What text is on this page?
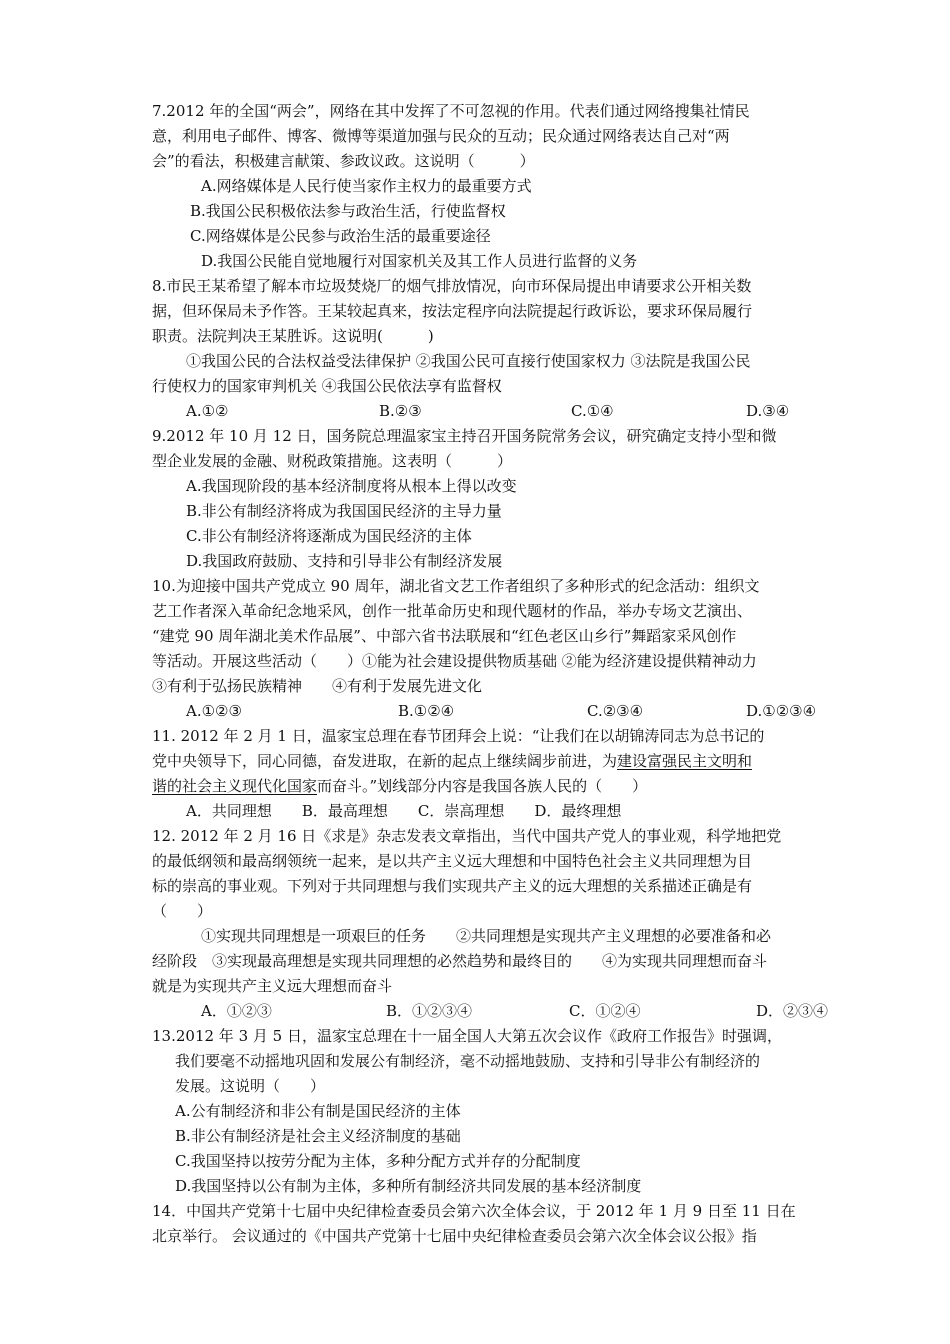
7.2012 年的全国“两会”，网络在其中发挥了不可忽视的作用。代表们通过网络搜集社情民
意，利用电子邮件、博客、微博等渠道加强与民众的互动；民众通过网络表达自己对“两
会”的看法，积极建言献策、参政议政。这说明（　　　）
A.网络媒体是人民行使当家作主权力的最重要方式
B.我国公民积极依法参与政治生活，行使监督权
C.网络媒体是公民参与政治生活的最重要途径
D.我国公民能自觉地履行对国家机关及其工作人员进行监督的义务
8.市民王某希望了解本市垃圾焚烧厂的烟气排放情况，向市环保局提出申请要求公开相关数
据，但环保局未予作答。王某较起真来，按法定程序向法院提起行政诉讼，要求环保局履行
职责。法院判决王某胜诉。这说明(　　　)
①我国公民的合法权益受法律保护 ②我国公民可直接行使国家权力 ③法院是我国公民
行使权力的国家审判机关 ④我国公民依法享有监督权
A.①②	B.②③	C.①④	D.③④
9.2012 年 10 月 12 日，国务院总理温家宝主持召开国务院常务会议，研究确定支持小型和微
型企业发展的金融、财税政策措施。这表明（　　　）
A.我国现阶段的基本经济制度将从根本上得以改变
B.非公有制经济将成为我国国民经济的主导力量
C.非公有制经济将逐渐成为国民经济的主体
D.我国政府鼓励、支持和引导非公有制经济发展
10.为迎接中国共产党成立 90 周年，湖北省文艺工作者组织了多种形式的纪念活动：组织文
艺工作者深入革命纪念地采风，创作一批革命历史和现代题材的作品，举办专场文艺演出、
“建党 90 周年湖北美术作品展”、中部六省书法联展和“红色老区山乡行”舞蹈家采风创作
等活动。开展这些活动（　　）①能为社会建设提供物质基础 ②能为经济建设提供精神动力
③有利于弘扬民族精神　　④有利于发展先进文化
A.①②③	B.①②④	C.②③④	D.①②③④
11. 2012 年 2 月 1 日，温家宝总理在春节团拜会上说：“让我们在以胡锦涛同志为总书记的
党中央领导下，同心同德，奋发进取，在新的起点上继续阔步前进，为建设富强民主文明和
谐的社会主义现代化国家而奋斗。”划线部分内容是我国各族人民的（　　）
A．共同理想　　B．最高理想　　C．崇高理想　　D．最终理想
12. 2012 年 2 月 16 日《求是》杂志发表文章指出，当代中国共产党人的事业观，科学地把党
的最低纲领和最高纲领统一起来，是以共产主义远大理想和中国特色社会主义共同理想为目
标的崇高的事业观。下列对于共同理想与我们实现共产主义的远大理想的关系描述正确是有
（　　）
①实现共同理想是一项艰巨的任务　　②共同理想是实现共产主义理想的必要准备和必
经阶段　③实现最高理想是实现共同理想的必然趋势和最终目的　　④为实现共同理想而奋斗
就是为实现共产主义远大理想而奋斗
A．①②③	B．①②③④	C．①②④	D．②③④
13.2012 年 3 月 5 日，温家宝总理在十一届全国人大第五次会议作《政府工作报告》时强调，
我们要毫不动摇地巩固和发展公有制经济，毫不动摇地鼓励、支持和引导非公有制经济的
发展。这说明（　　）
A.公有制经济和非公有制是国民经济的主体
B.非公有制经济是社会主义经济制度的基础
C.我国坚持以按劳分配为主体，多种分配方式并存的分配制度
D.我国坚持以公有制为主体，多种所有制经济共同发展的基本经济制度
14．中国共产党第十七届中央纪律检查委员会第六次全体会议，于 2012 年 1 月 9 日至 11 日在
北京举行。 会议通过的《中国共产党第十七届中央纪律检查委员会第六次全体会议公报》指
